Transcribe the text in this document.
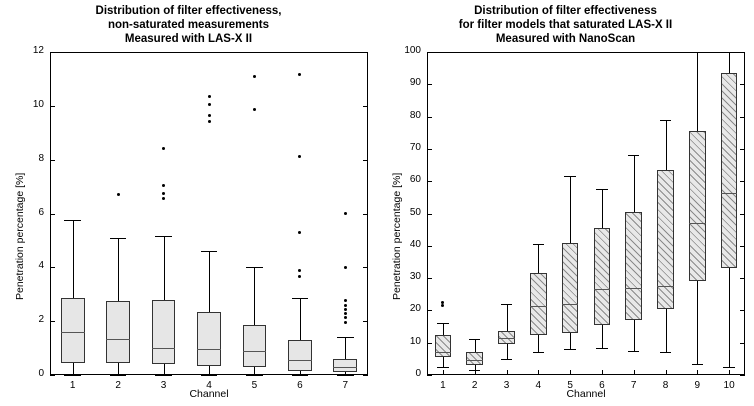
Distribution of filter effectiveness,
non-saturated measurements
Measured with LAS-X II
Penetration percentage [%]
Channel
0
2
4
6
8
10
12
1	2	3	4	5	6	7
Distribution of filter effectiveness
for filter models that saturated LAS-X II
Measured with NanoScan
Penetration percentage [%]
Channel
0
10
20
30
40
50
60
70
80
90
100
1	2	3	4	5	6	7	8	9	10
